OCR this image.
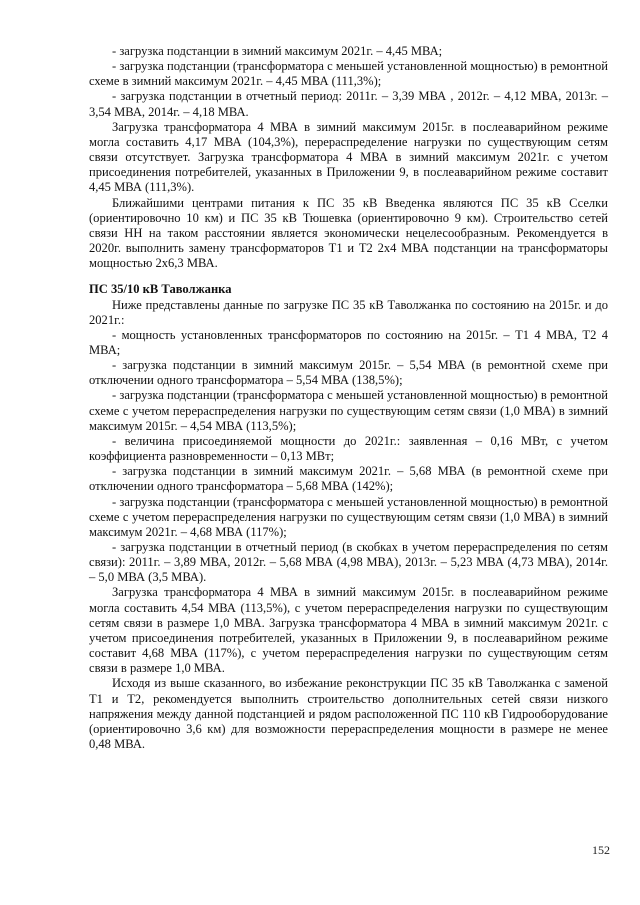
- загрузка подстанции в зимний максимум 2021г. – 4,45 МВА;

- загрузка подстанции (трансформатора с меньшей установленной мощностью) в ремонтной схеме в зимний максимум 2021г. – 4,45 МВА (111,3%);

- загрузка подстанции в отчетный период: 2011г. – 3,39 МВА , 2012г. – 4,12 МВА, 2013г. – 3,54 МВА, 2014г. – 4,18 МВА.

Загрузка трансформатора 4 МВА в зимний максимум 2015г. в послеаварийном режиме могла составить 4,17 МВА (104,3%), перераспределение нагрузки по существующим сетям связи отсутствует. Загрузка трансформатора 4 МВА в зимний максимум 2021г. с учетом присоединения потребителей, указанных в Приложении 9, в послеаварийном режиме составит 4,45 МВА (111,3%).

Ближайшими центрами питания к ПС 35 кВ Введенка являются ПС 35 кВ Сселки (ориентировочно 10 км) и ПС 35 кВ Тюшевка (ориентировочно 9 км). Строительство сетей связи НН на таком расстоянии является экономически нецелесообразным. Рекомендуется в 2020г. выполнить замену трансформаторов Т1 и Т2 2х4 МВА подстанции на трансформаторы мощностью 2х6,3 МВА.

ПС 35/10 кВ Таволжанка

Ниже представлены данные по загрузке ПС 35 кВ Таволжанка по состоянию на 2015г. и до 2021г.:

- мощность установленных трансформаторов по состоянию на 2015г. – Т1 4 МВА, Т2 4 МВА;

- загрузка подстанции в зимний максимум 2015г. – 5,54 МВА (в ремонтной схеме при отключении одного трансформатора – 5,54 МВА (138,5%);

- загрузка подстанции (трансформатора с меньшей установленной мощностью) в ремонтной схеме с учетом перераспределения нагрузки по существующим сетям связи (1,0 МВА) в зимний максимум 2015г. – 4,54 МВА (113,5%);

- величина присоединяемой мощности до 2021г.: заявленная – 0,16 МВт, с учетом коэффициента разновременности – 0,13 МВт;

- загрузка подстанции в зимний максимум 2021г. – 5,68 МВА (в ремонтной схеме при отключении одного трансформатора – 5,68 МВА (142%);

- загрузка подстанции (трансформатора с меньшей установленной мощностью) в ремонтной схеме с учетом перераспределения нагрузки по существующим сетям связи (1,0 МВА) в зимний максимум 2021г. – 4,68 МВА (117%);

- загрузка подстанции в отчетный период (в скобках в учетом перераспределения по сетям связи): 2011г. – 3,89 МВА, 2012г. – 5,68 МВА (4,98 МВА), 2013г. – 5,23 МВА (4,73 МВА), 2014г. – 5,0 МВА (3,5 МВА).

Загрузка трансформатора 4 МВА в зимний максимум 2015г. в послеаварийном режиме могла составить 4,54 МВА (113,5%), с учетом перераспределения нагрузки по существующим сетям связи в размере 1,0 МВА. Загрузка трансформатора 4 МВА в зимний максимум 2021г. с учетом присоединения потребителей, указанных в Приложении 9, в послеаварийном режиме составит 4,68 МВА (117%), с учетом перераспределения нагрузки по существующим сетям связи в размере 1,0 МВА.

Исходя из выше сказанного, во избежание реконструкции ПС 35 кВ Таволжанка с заменой Т1 и Т2, рекомендуется выполнить строительство дополнительных сетей связи низкого напряжения между данной подстанцией и рядом расположенной ПС 110 кВ Гидрооборудование (ориентировочно 3,6 км) для возможности перераспределения мощности в размере не менее 0,48 МВА.

152
